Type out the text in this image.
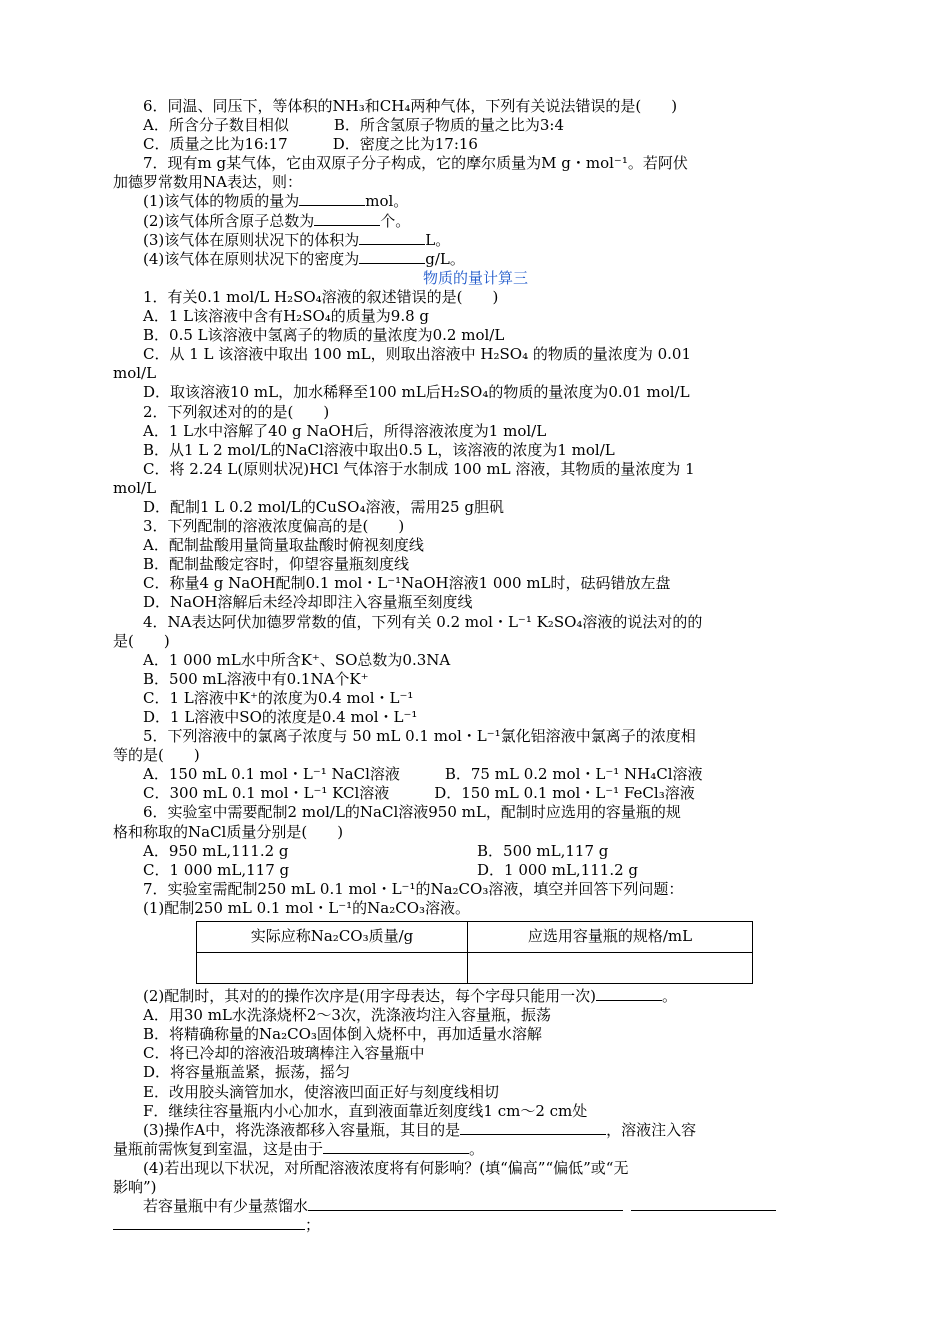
6．同温、同压下，等体积的NH₃和CH₄两种气体，下列有关说法错误的是(　　)

A．所含分子数目相似　　　B．所含氢原子物质的量之比为3:4

C．质量之比为16:17　　　D．密度之比为17:16

7．现有m g某气体，它由双原子分子构成，它的摩尔质量为M g・mol⁻¹。若阿伏

加德罗常数用NA表达，则：

(1)该气体的物质的量为	mol。

(2)该气体所含原子总数为	个。

(3)该气体在原则状况下的体积为	L。

(4)该气体在原则状况下的密度为	g/L。

物质的量计算三

1．有关0.1 mol/L H₂SO₄溶液的叙述错误的是(　　)

A．1 L该溶液中含有H₂SO₄的质量为9.8 g

B．0.5 L该溶液中氢离子的物质的量浓度为0.2 mol/L

C．从 1 L 该溶液中取出 100 mL，则取出溶液中 H₂SO₄ 的物质的量浓度为 0.01

mol/L

D．取该溶液10 mL，加水稀释至100 mL后H₂SO₄的物质的量浓度为0.01 mol/L

2．下列叙述对的的是(　　)

A．1 L水中溶解了40 g NaOH后，所得溶液浓度为1 mol/L

B．从1 L 2 mol/L的NaCl溶液中取出0.5 L，该溶液的浓度为1 mol/L

C．将 2.24 L(原则状况)HCl 气体溶于水制成 100 mL 溶液，其物质的量浓度为 1

mol/L

D．配制1 L 0.2 mol/L的CuSO₄溶液，需用25 g胆矾

3．下列配制的溶液浓度偏高的是(　　)

A．配制盐酸用量筒量取盐酸时俯视刻度线

B．配制盐酸定容时，仰望容量瓶刻度线

C．称量4 g NaOH配制0.1 mol・L⁻¹NaOH溶液1 000 mL时，砝码错放左盘

D．NaOH溶解后未经冷却即注入容量瓶至刻度线

4．NA表达阿伏加德罗常数的值，下列有关 0.2 mol・L⁻¹ K₂SO₄溶液的说法对的的

是(　　)

A．1 000 mL水中所含K⁺、SO总数为0.3NA

B．500 mL溶液中有0.1NA个K⁺

C．1 L溶液中K⁺的浓度为0.4 mol・L⁻¹

D．1 L溶液中SO的浓度是0.4 mol・L⁻¹

5．下列溶液中的氯离子浓度与 50 mL 0.1 mol・L⁻¹氯化铝溶液中氯离子的浓度相

等的是(　　)

A．150 mL 0.1 mol・L⁻¹ NaCl溶液　　　B．75 mL 0.2 mol・L⁻¹ NH₄Cl溶液

C．300 mL 0.1 mol・L⁻¹ KCl溶液　　　D．150 mL 0.1 mol・L⁻¹ FeCl₃溶液

6．实验室中需要配制2 mol/L的NaCl溶液950 mL，配制时应选用的容量瓶的规

格和称取的NaCl质量分别是(　　)

A．950 mL,111.2 g	B．500 mL,117 g
C．1 000 mL,117 g	D．1 000 mL,111.2 g

7．实验室需配制250 mL 0.1 mol・L⁻¹的Na₂CO₃溶液，填空并回答下列问题：

(1)配制250 mL 0.1 mol・L⁻¹的Na₂CO₃溶液。

实际应称Na₂CO₃质量/g	应选用容量瓶的规格/mL

(2)配制时，其对的的操作次序是(用字母表达，每个字母只能用一次)	。

A．用30 mL水洗涤烧杯2～3次，洗涤液均注入容量瓶，振荡

B．将精确称量的Na₂CO₃固体倒入烧杯中，再加适量水溶解

C．将已冷却的溶液沿玻璃棒注入容量瓶中

D．将容量瓶盖紧，振荡，摇匀

E．改用胶头滴管加水，使溶液凹面正好与刻度线相切

F．继续往容量瓶内小心加水，直到液面靠近刻度线1 cm～2 cm处

(3)操作A中，将洗涤液都移入容量瓶，其目的是	，溶液注入容

量瓶前需恢复到室温，这是由于	。

(4)若出现以下状况，对所配溶液浓度将有何影响？(填“偏高”“偏低”或“无

影响”)

若容量瓶中有少量蒸馏水

；
